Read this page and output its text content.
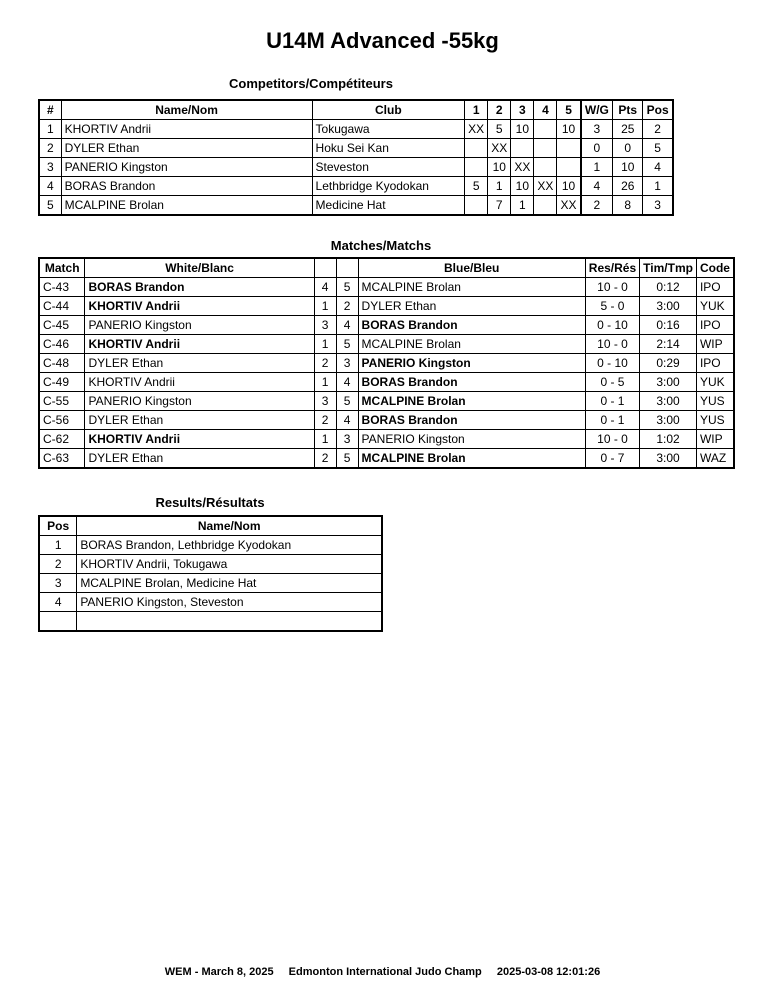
U14M Advanced -55kg
Competitors/Compétiteurs
#	Name/Nom	Club	1	2	3	4	5	W/G	Pts	Pos
1	KHORTIV Andrii	Tokugawa	XX	5	10		10	3	25	2
2	DYLER Ethan	Hoku Sei Kan		XX				0	0	5
3	PANERIO Kingston	Steveston		10	XX			1	10	4
4	BORAS Brandon	Lethbridge Kyodokan	5	1	10	XX	10	4	26	1
5	MCALPINE Brolan	Medicine Hat		7	1		XX	2	8	3
Matches/Matchs
Match	White/Blanc			Blue/Bleu	Res/Rés	Tim/Tmp	Code
C-43	BORAS Brandon	4	5	MCALPINE Brolan	10 - 0	0:12	IPO
C-44	KHORTIV Andrii	1	2	DYLER Ethan	5 - 0	3:00	YUK
C-45	PANERIO Kingston	3	4	BORAS Brandon	0 - 10	0:16	IPO
C-46	KHORTIV Andrii	1	5	MCALPINE Brolan	10 - 0	2:14	WIP
C-48	DYLER Ethan	2	3	PANERIO Kingston	0 - 10	0:29	IPO
C-49	KHORTIV Andrii	1	4	BORAS Brandon	0 - 5	3:00	YUK
C-55	PANERIO Kingston	3	5	MCALPINE Brolan	0 - 1	3:00	YUS
C-56	DYLER Ethan	2	4	BORAS Brandon	0 - 1	3:00	YUS
C-62	KHORTIV Andrii	1	3	PANERIO Kingston	10 - 0	1:02	WIP
C-63	DYLER Ethan	2	5	MCALPINE Brolan	0 - 7	3:00	WAZ
Results/Résultats
Pos	Name/Nom
1	BORAS Brandon, Lethbridge Kyodokan
2	KHORTIV Andrii, Tokugawa
3	MCALPINE Brolan, Medicine Hat
4	PANERIO Kingston, Steveston

WEM - March 8, 2025 Edmonton International Judo Champ 2025-03-08 12:01:26
